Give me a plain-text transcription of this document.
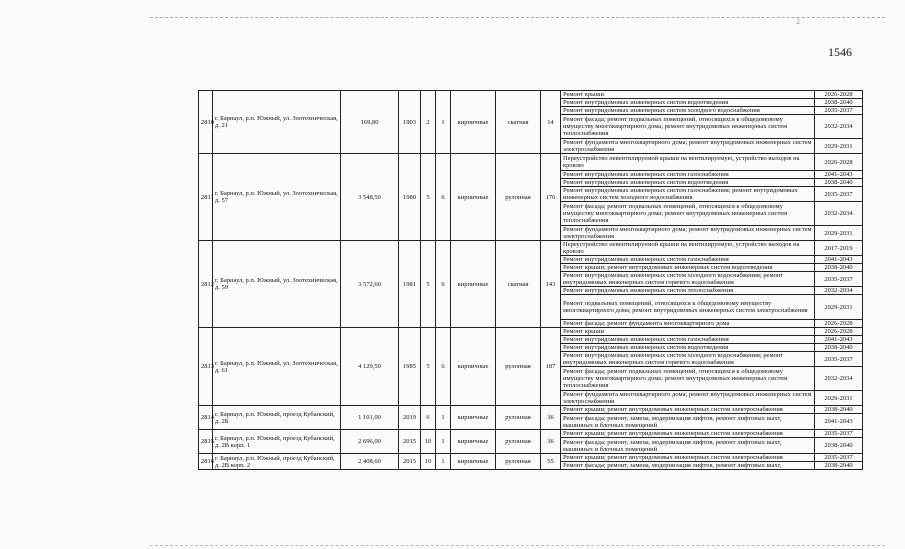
2
1546
2810	г. Барнаул, р.п. Южный, ул. Зоотехническая, д. 21	169,80	1903	2	1	кирпичные	скатная	14	Ремонт крыши	2026-2028
									Ремонт внутридомовых инженерных систем водоотведения	2038-2040
									Ремонт внутридомовых инженерных систем холодного водоснабжения	2035-2037
									Ремонт фасада; ремонт подвальных помещений, относящихся к общедомовому имуществу многоквартирного дома; ремонт внутридомовых инженерных систем теплоснабжения	2032-2034
									Ремонт фундамента многоквартирного дома; ремонт внутридомовых инженерных систем электроснабжения	2029-2031
2811	г. Барнаул, р.п. Южный, ул. Зоотехническая, д. 57	3 548,50	1980	5	6	кирпичные	рулонная	176	Переустройство невентилируемой крыши на вентилируемую, устройство выходов на кровлю	2026-2028
									Ремонт внутридомовых инженерных систем газоснабжения	2041-2043
									Ремонт внутридомовых инженерных систем водоотведения	2038-2040
									Ремонт внутридомовых инженерных систем газоснабжения; ремонт внутридомовых инженерных систем холодного водоснабжения	2035-2037
									Ремонт фасада; ремонт подвальных помещений, относящихся к общедомовому имуществу многоквартирного дома; ремонт внутридомовых инженерных систем теплоснабжения	2032-2034
									Ремонт фундамента многоквартирного дома; ремонт внутридомовых инженерных систем электроснабжения	2029-2031
2812	г. Барнаул, р.п. Южный, ул. Зоотехническая, д. 59	3 572,60	1981	5	6	кирпичные	скатная	143	Переустройство невентилируемой крыши на вентилируемую, устройство выходов на кровлю	2017-2019
									Ремонт внутридомовых инженерных систем газоснабжения	2041-2043
									Ремонт крыши; ремонт внутридомовых инженерных систем водоотведения	2038-2040
									Ремонт внутридомовых инженерных систем холодного водоснабжения; ремонт внутридомовых инженерных систем горячего водоснабжения	2035-2037
									Ремонт внутридомовых инженерных систем теплоснабжения	2032-2034
									Ремонт подвальных помещений, относящихся к общедомовому имуществу многоквартирного дома; ремонт внутридомовых инженерных систем электроснабжения	2029-2031
									Ремонт фасада; ремонт фундамента многоквартирного дома	2026-2028
2813	г. Барнаул, р.п. Южный, ул. Зоотехническая, д. 61	4 129,50	1985	5	6	кирпичные	рулонная	187	Ремонт крыши	2026-2028
									Ремонт внутридомовых инженерных систем газоснабжения	2041-2043
									Ремонт внутридомовых инженерных систем водоотведения	2038-2040
									Ремонт внутридомовых инженерных систем холодного водоснабжения; ремонт внутридомовых инженерных систем горячего водоснабжения	2035-2037
									Ремонт фасада; ремонт подвальных помещений, относящихся к общедомовому имуществу многоквартирного дома; ремонт внутридомовых инженерных систем теплоснабжения	2032-2034
									Ремонт фундамента многоквартирного дома; ремонт внутридомовых инженерных систем электроснабжения	2029-2031
2814	г. Барнаул, р.п. Южный, проезд Кубанский, д. 2Б	1 101,00	2019	6	1	кирпичные	рулонная	36	Ремонт крыши; ремонт внутридомовых инженерных систем электроснабжения	2038-2040
									Ремонт фасада; ремонт, замена, модернизация лифтов, ремонт лифтовых шахт, машинных и блочных помещений	2041-2043
2815	г. Барнаул, р.п. Южный, проезд Кубанский, д. 2В корп. 1	2 696,00	2015	10	1	кирпичные	рулонная	36	Ремонт крыши; ремонт внутридомовых инженерных систем электроснабжения	2035-2037
									Ремонт фасада; ремонт, замена, модернизация лифтов, ремонт лифтовых шахт, машинных и блочных помещений	2038-2040
2816	г. Барнаул, р.п. Южный, проезд Кубанский, д. 2В корп. 2	2 408,60	2015	10	1	кирпичные	рулонная	55	Ремонт крыши; ремонт внутридомовых инженерных систем электроснабжения	2035-2037
									Ремонт фасада; ремонт, замена, модернизация лифтов, ремонт лифтовых шахт,	2038-2040
